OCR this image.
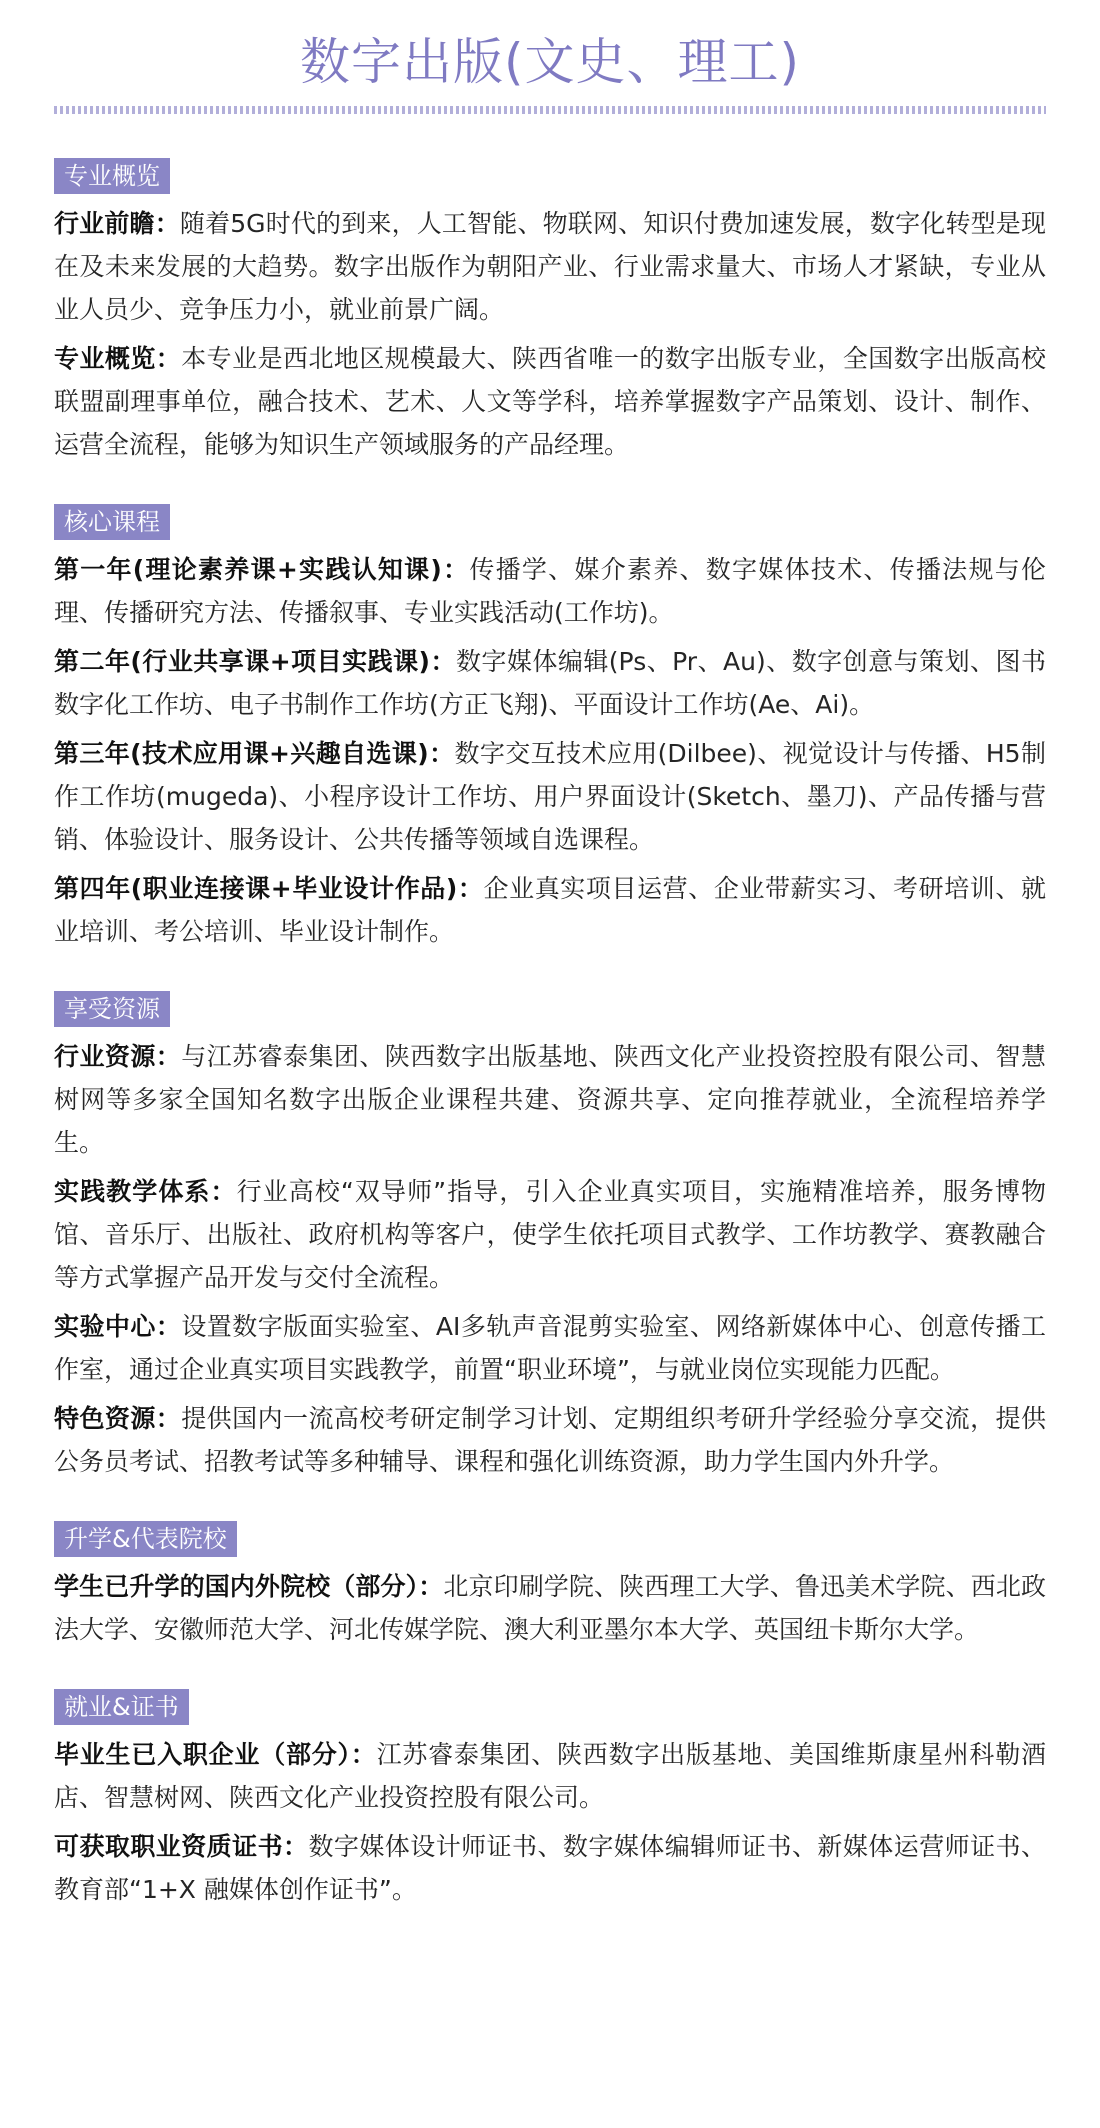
数字出版(文史、理工)
专业概览

行业前瞻：随着5G时代的到来，人工智能、物联网、知识付费加速发展，数字化转型是现在及未来发展的大趋势。数字出版作为朝阳产业、行业需求量大、市场人才紧缺，专业从业人员少、竞争压力小，就业前景广阔。

专业概览：本专业是西北地区规模最大、陕西省唯一的数字出版专业，全国数字出版高校联盟副理事单位，融合技术、艺术、人文等学科，培养掌握数字产品策划、设计、制作、运营全流程，能够为知识生产领域服务的产品经理。

核心课程

第一年(理论素养课+实践认知课)：传播学、媒介素养、数字媒体技术、传播法规与伦理、传播研究方法、传播叙事、专业实践活动(工作坊)。

第二年(行业共享课+项目实践课)：数字媒体编辑(Ps、Pr、Au)、数字创意与策划、图书数字化工作坊、电子书制作工作坊(方正飞翔)、平面设计工作坊(Ae、Ai)。

第三年(技术应用课+兴趣自选课)：数字交互技术应用(Dilbee)、视觉设计与传播、H5制作工作坊(mugeda)、小程序设计工作坊、用户界面设计(Sketch、墨刀)、产品传播与营销、体验设计、服务设计、公共传播等领域自选课程。

第四年(职业连接课+毕业设计作品)：企业真实项目运营、企业带薪实习、考研培训、就业培训、考公培训、毕业设计制作。

享受资源

行业资源：与江苏睿泰集团、陕西数字出版基地、陕西文化产业投资控股有限公司、智慧树网等多家全国知名数字出版企业课程共建、资源共享、定向推荐就业，全流程培养学生。

实践教学体系：行业高校“双导师”指导，引入企业真实项目，实施精准培养，服务博物馆、音乐厅、出版社、政府机构等客户，使学生依托项目式教学、工作坊教学、赛教融合等方式掌握产品开发与交付全流程。

实验中心：设置数字版面实验室、AI多轨声音混剪实验室、网络新媒体中心、创意传播工作室，通过企业真实项目实践教学，前置“职业环境”，与就业岗位实现能力匹配。

特色资源：提供国内一流高校考研定制学习计划、定期组织考研升学经验分享交流，提供公务员考试、招教考试等多种辅导、课程和强化训练资源，助力学生国内外升学。

升学&代表院校

学生已升学的国内外院校（部分）：北京印刷学院、陕西理工大学、鲁迅美术学院、西北政法大学、安徽师范大学、河北传媒学院、澳大利亚墨尔本大学、英国纽卡斯尔大学。

就业&证书

毕业生已入职企业（部分）：江苏睿泰集团、陕西数字出版基地、美国维斯康星州科勒酒店、智慧树网、陕西文化产业投资控股有限公司。

可获取职业资质证书：数字媒体设计师证书、数字媒体编辑师证书、新媒体运营师证书、教育部“1+X 融媒体创作证书”。
